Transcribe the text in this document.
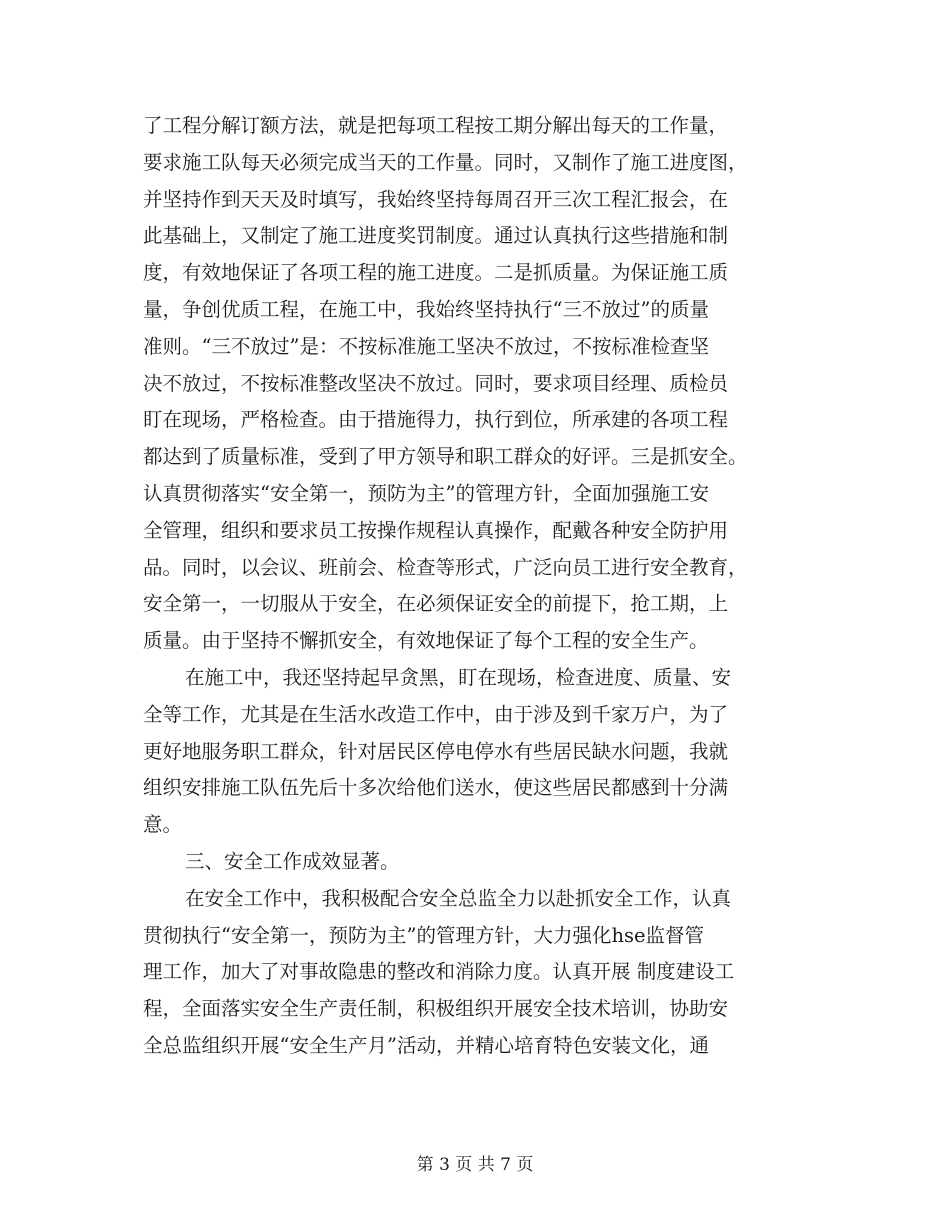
了工程分解订额方法，就是把每项工程按工期分解出每天的工作量，
要求施工队每天必须完成当天的工作量。同时，又制作了施工进度图，
并坚持作到天天及时填写，我始终坚持每周召开三次工程汇报会，在
此基础上，又制定了施工进度奖罚制度。通过认真执行这些措施和制
度，有效地保证了各项工程的施工进度。二是抓质量。为保证施工质
量，争创优质工程，在施工中，我始终坚持执行“三不放过”的质量
准则。“三不放过”是：不按标准施工坚决不放过，不按标准检查坚
决不放过，不按标准整改坚决不放过。同时，要求项目经理、质检员
盯在现场，严格检查。由于措施得力，执行到位，所承建的各项工程
都达到了质量标准，受到了甲方领导和职工群众的好评。三是抓安全。
认真贯彻落实“安全第一，预防为主”的管理方针，全面加强施工安
全管理，组织和要求员工按操作规程认真操作，配戴各种安全防护用
品。同时，以会议、班前会、检查等形式，广泛向员工进行安全教育，
安全第一，一切服从于安全，在必须保证安全的前提下，抢工期，上
质量。由于坚持不懈抓安全，有效地保证了每个工程的安全生产。
在施工中，我还坚持起早贪黑，盯在现场，检查进度、质量、安
全等工作，尤其是在生活水改造工作中，由于涉及到千家万户，为了
更好地服务职工群众，针对居民区停电停水有些居民缺水问题，我就
组织安排施工队伍先后十多次给他们送水，使这些居民都感到十分满
意。
三、安全工作成效显著。
在安全工作中，我积极配合安全总监全力以赴抓安全工作，认真
贯彻执行“安全第一，预防为主”的管理方针，大力强化hse监督管
理工作，加大了对事故隐患的整改和消除力度。认真开展 制度建设工
程，全面落实安全生产责任制，积极组织开展安全技术培训，协助安
全总监组织开展“安全生产月”活动，并精心培育特色安装文化，通
第 3 页 共 7 页
